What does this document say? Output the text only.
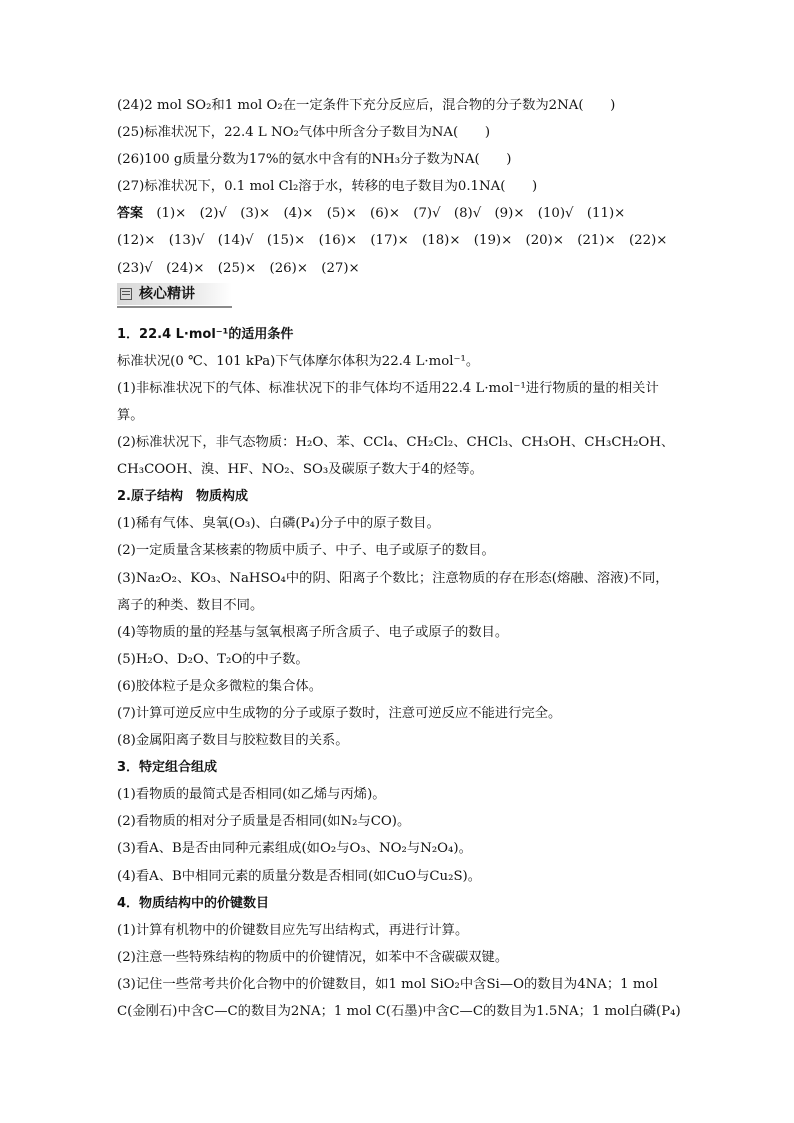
(24)2 mol SO₂和1 mol O₂在一定条件下充分反应后，混合物的分子数为2NA(　　)
(25)标准状况下，22.4 L NO₂气体中所含分子数目为NA(　　)
(26)100 g质量分数为17%的氨水中含有的NH₃分子数为NA(　　)
(27)标准状况下，0.1 mol Cl₂溶于水，转移的电子数目为0.1NA(　　)
答案　 (1)×　(2)√　(3)×　(4)×　(5)×　(6)×　(7)√　(8)√　(9)×　(10)√　(11)×
(12)×　(13)√　(14)√　(15)×　(16)×　(17)×　(18)×　(19)×　(20)×　(21)×　(22)×
(23)√　(24)×　(25)×　(26)×　(27)×
核心精讲
1．22.4 L·mol⁻¹的适用条件
标准状况(0 ℃、101 kPa)下气体摩尔体积为22.4 L·mol⁻¹。
(1)非标准状况下的气体、标准状况下的非气体均不适用22.4 L·mol⁻¹进行物质的量的相关计
算。
(2)标准状况下，非气态物质：H₂O、苯、CCl₄、CH₂Cl₂、CHCl₃、CH₃OH、CH₃CH₂OH、
CH₃COOH、溴、HF、NO₂、SO₃及碳原子数大于4的烃等。
2.原子结构　物质构成
(1)稀有气体、臭氧(O₃)、白磷(P₄)分子中的原子数目。
(2)一定质量含某核素的物质中质子、中子、电子或原子的数目。
(3)Na₂O₂、KO₃、NaHSO₄中的阴、阳离子个数比；注意物质的存在形态(熔融、溶液)不同，
离子的种类、数目不同。
(4)等物质的量的羟基与氢氧根离子所含质子、电子或原子的数目。
(5)H₂O、D₂O、T₂O的中子数。
(6)胶体粒子是众多微粒的集合体。
(7)计算可逆反应中生成物的分子或原子数时，注意可逆反应不能进行完全。
(8)金属阳离子数目与胶粒数目的关系。
3．特定组合组成
(1)看物质的最简式是否相同(如乙烯与丙烯)。
(2)看物质的相对分子质量是否相同(如N₂与CO)。
(3)看A、B是否由同种元素组成(如O₂与O₃、NO₂与N₂O₄)。
(4)看A、B中相同元素的质量分数是否相同(如CuO与Cu₂S)。
4．物质结构中的价键数目
(1)计算有机物中的价键数目应先写出结构式，再进行计算。
(2)注意一些特殊结构的物质中的价键情况，如苯中不含碳碳双键。
(3)记住一些常考共价化合物中的价键数目，如1 mol SiO₂中含Si—O的数目为4NA；1 mol
C(金刚石)中含C—C的数目为2NA；1 mol C(石墨)中含C—C的数目为1.5NA；1 mol白磷(P₄)
